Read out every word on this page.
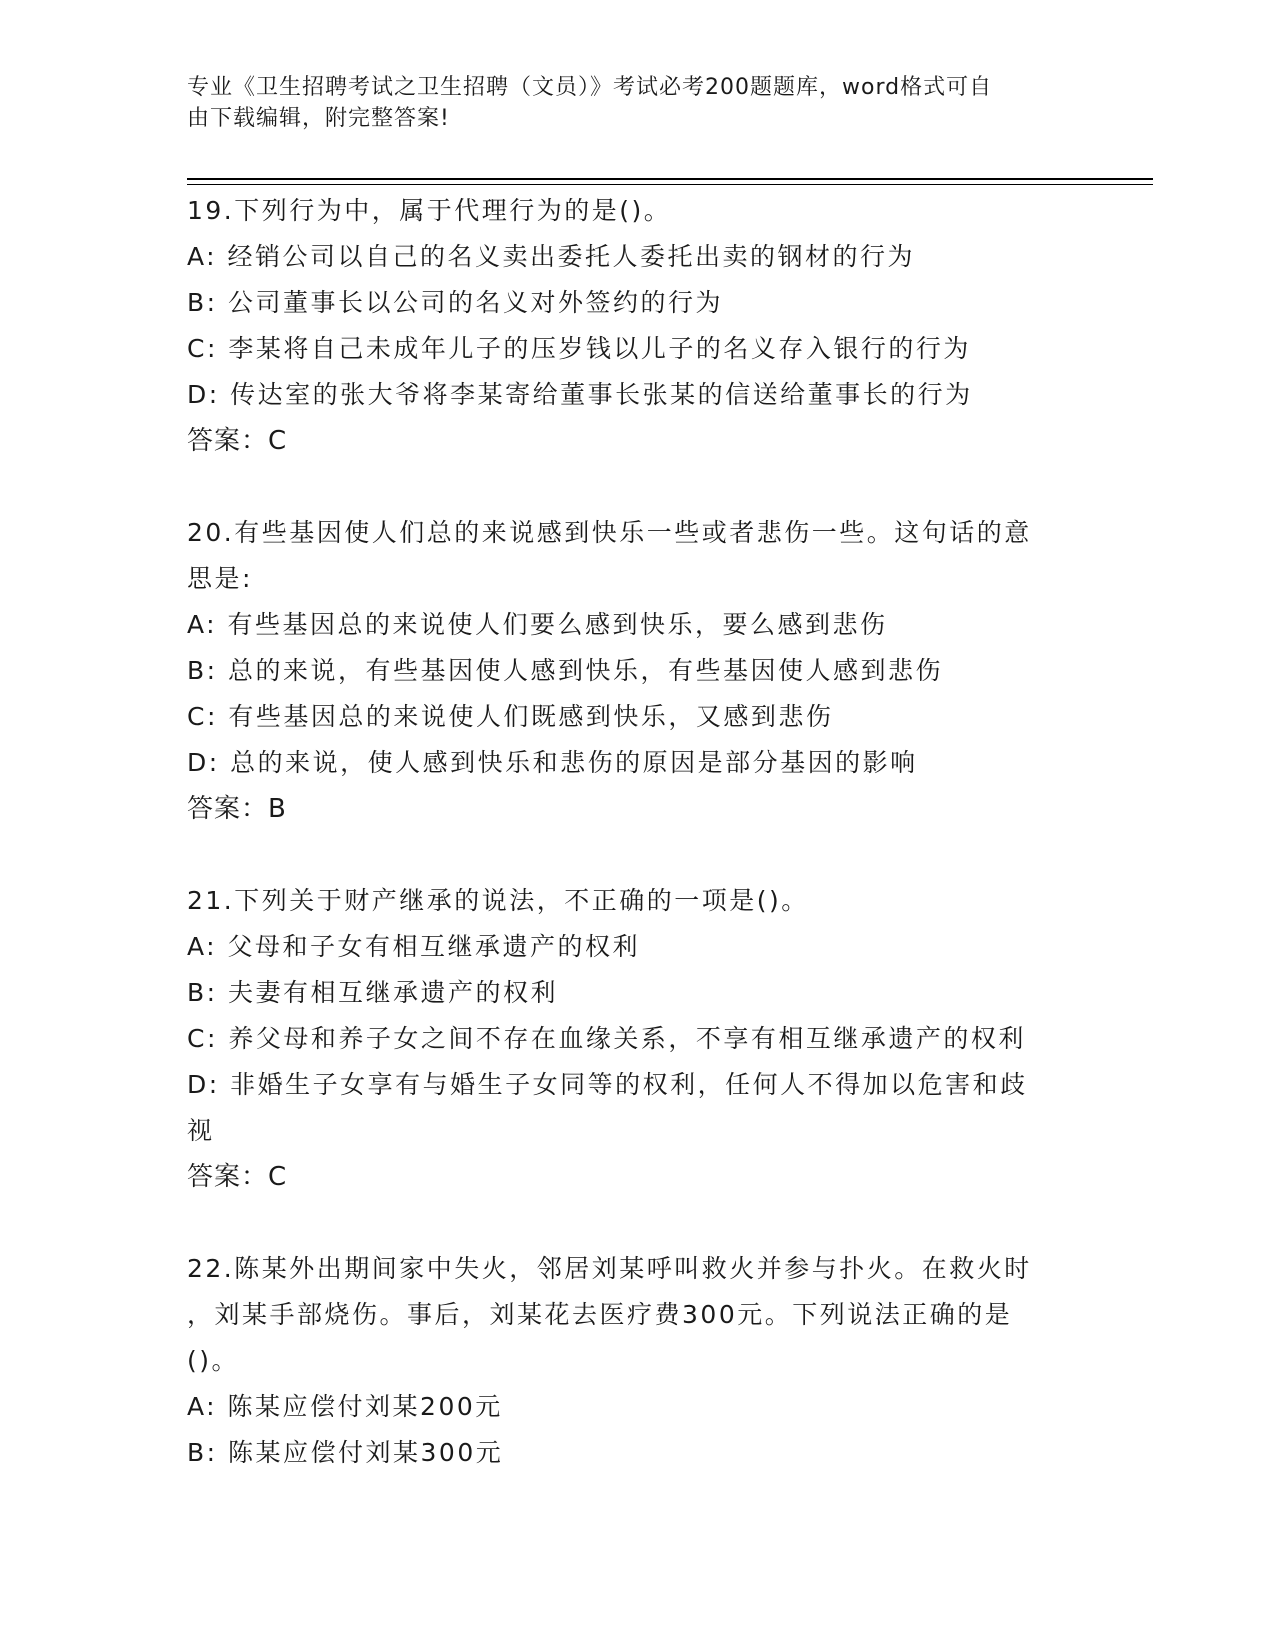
专业《卫生招聘考试之卫生招聘（文员）》考试必考200题题库，word格式可自
由下载编辑，附完整答案!
19.下列行为中，属于代理行为的是()。
A: 经销公司以自己的名义卖出委托人委托出卖的钢材的行为
B: 公司董事长以公司的名义对外签约的行为
C: 李某将自己未成年儿子的压岁钱以儿子的名义存入银行的行为
D: 传达室的张大爷将李某寄给董事长张某的信送给董事长的行为
答案：C
20.有些基因使人们总的来说感到快乐一些或者悲伤一些。这句话的意
思是:
A: 有些基因总的来说使人们要么感到快乐，要么感到悲伤
B: 总的来说，有些基因使人感到快乐，有些基因使人感到悲伤
C: 有些基因总的来说使人们既感到快乐，又感到悲伤
D: 总的来说，使人感到快乐和悲伤的原因是部分基因的影响
答案：B
21.下列关于财产继承的说法，不正确的一项是()。
A: 父母和子女有相互继承遗产的权利
B: 夫妻有相互继承遗产的权利
C: 养父母和养子女之间不存在血缘关系，不享有相互继承遗产的权利
D: 非婚生子女享有与婚生子女同等的权利，任何人不得加以危害和歧
视
答案：C
22.陈某外出期间家中失火，邻居刘某呼叫救火并参与扑火。在救火时
，刘某手部烧伤。事后，刘某花去医疗费300元。下列说法正确的是
()。
A: 陈某应偿付刘某200元
B: 陈某应偿付刘某300元
